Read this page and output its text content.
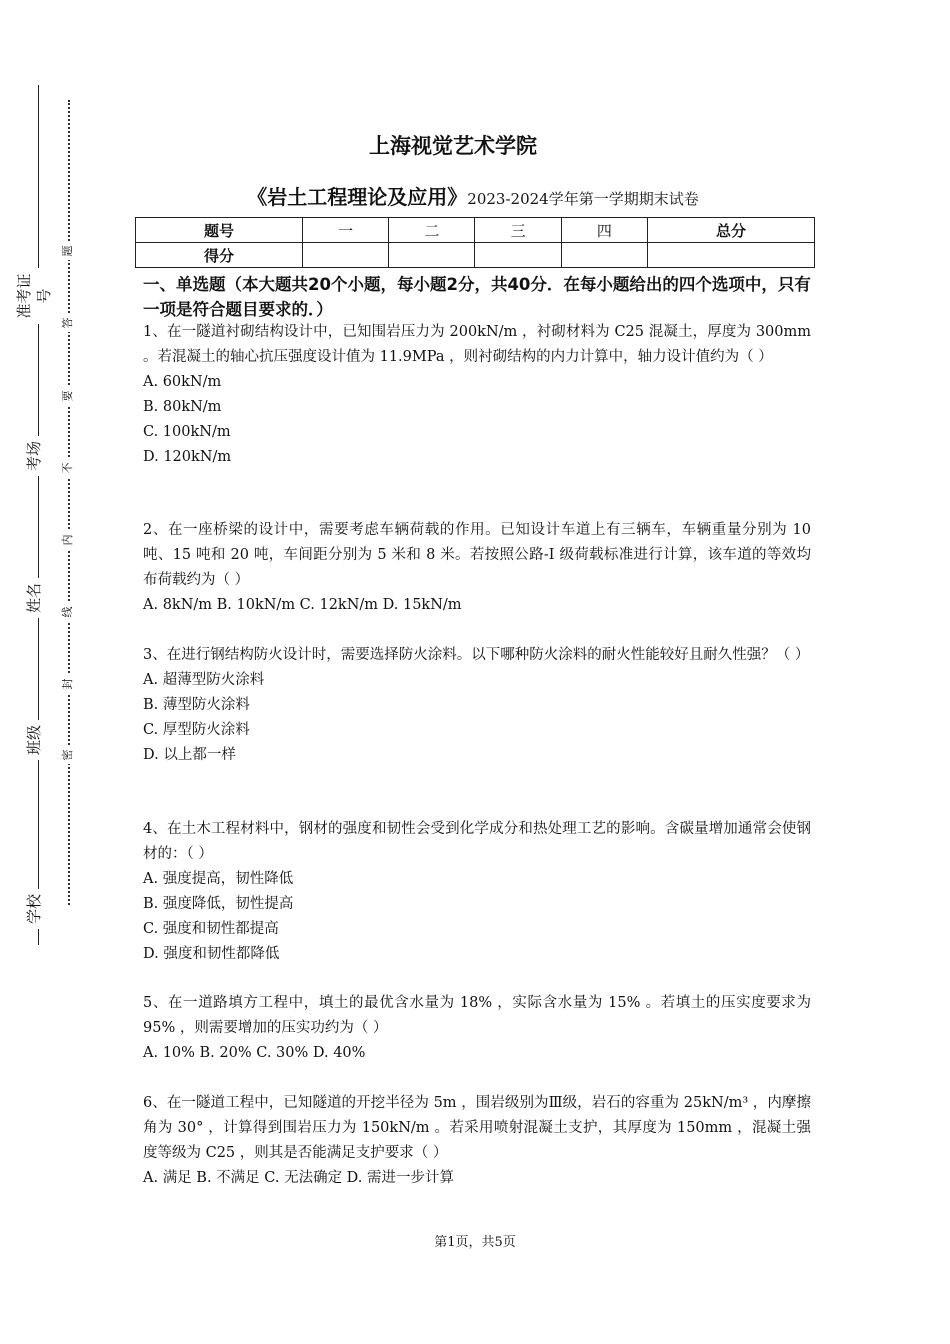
准考证号
考场
姓名
班级
学校
题
答
要
不
内
线
封
密
上海视觉艺术学院
《岩土工程理论及应用》2023-2024学年第一学期期末试卷
题号	一	二	三	四	总分
得分					
一、单选题（本大题共20个小题，每小题2分，共40分．在每小题给出的四个选项中，只有一项是符合题目要求的．）
1、在一隧道衬砌结构设计中，已知围岩压力为 200kN/m ，衬砌材料为 C25 混凝土，厚度为 300mm 。若混凝土的轴心抗压强度设计值为 11.9MPa ，则衬砌结构的内力计算中，轴力设计值约为（ ）
A. 60kN/m
B. 80kN/m
C. 100kN/m
D. 120kN/m
2、在一座桥梁的设计中，需要考虑车辆荷载的作用。已知设计车道上有三辆车，车辆重量分别为 10 吨、15 吨和 20 吨，车间距分别为 5 米和 8 米。若按照公路-I 级荷载标准进行计算，该车道的等效均布荷载约为（ ）
A. 8kN/m B. 10kN/m C. 12kN/m D. 15kN/m
3、在进行钢结构防火设计时，需要选择防火涂料。以下哪种防火涂料的耐火性能较好且耐久性强？（ ）
A. 超薄型防火涂料
B. 薄型防火涂料
C. 厚型防火涂料
D. 以上都一样
4、在土木工程材料中，钢材的强度和韧性会受到化学成分和热处理工艺的影响。含碳量增加通常会使钢材的：（ ）
A. 强度提高，韧性降低
B. 强度降低，韧性提高
C. 强度和韧性都提高
D. 强度和韧性都降低
5、在一道路填方工程中，填土的最优含水量为 18% ，实际含水量为 15% 。若填土的压实度要求为 95% ，则需要增加的压实功约为（ ）
A. 10% B. 20% C. 30% D. 40%
6、在一隧道工程中，已知隧道的开挖半径为 5m ，围岩级别为Ⅲ级，岩石的容重为 25kN/m³ ，内摩擦角为 30° ，计算得到围岩压力为 150kN/m 。若采用喷射混凝土支护，其厚度为 150mm ，混凝土强度等级为 C25 ，则其是否能满足支护要求（ ）
A. 满足 B. 不满足 C. 无法确定 D. 需进一步计算
第1页，共5页
